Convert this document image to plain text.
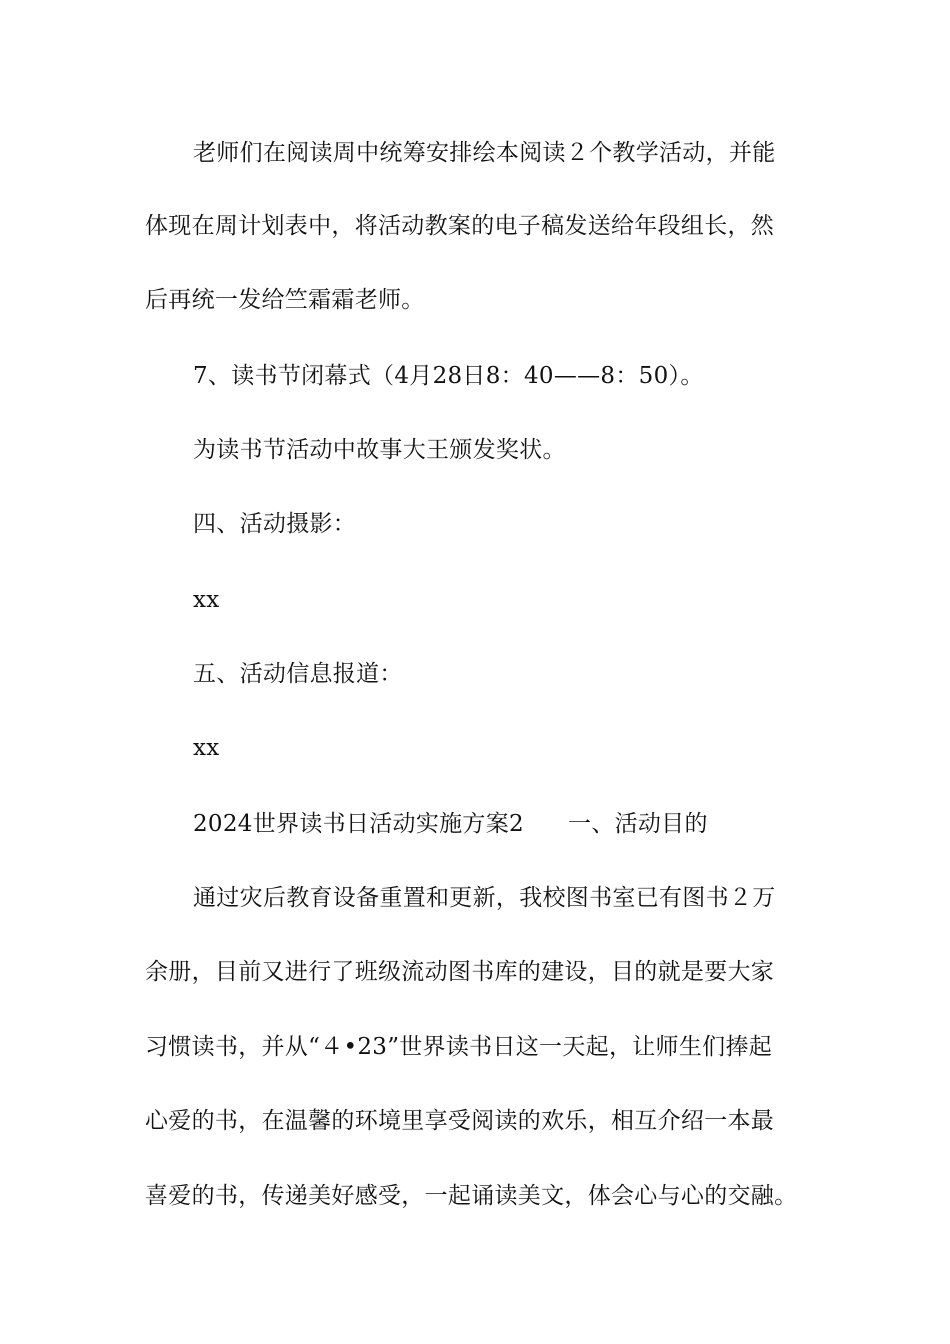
老师们在阅读周中统筹安排绘本阅读２个教学活动，并能
体现在周计划表中，将活动教案的电子稿发送给年段组长，然
后再统一发给竺霜霜老师。
7、读书节闭幕式（4月28日8：40——8：50）。
为读书节活动中故事大王颁发奖状。
四、活动摄影：
xx
五、活动信息报道：
xx
2024世界读书日活动实施方案2 一、活动目的
通过灾后教育设备重置和更新，我校图书室已有图书２万
余册，目前又进行了班级流动图书库的建设，目的就是要大家
习惯读书，并从“４•23”世界读书日这一天起，让师生们捧起
心爱的书，在温馨的环境里享受阅读的欢乐，相互介绍一本最
喜爱的书，传递美好感受，一起诵读美文，体会心与心的交融。
